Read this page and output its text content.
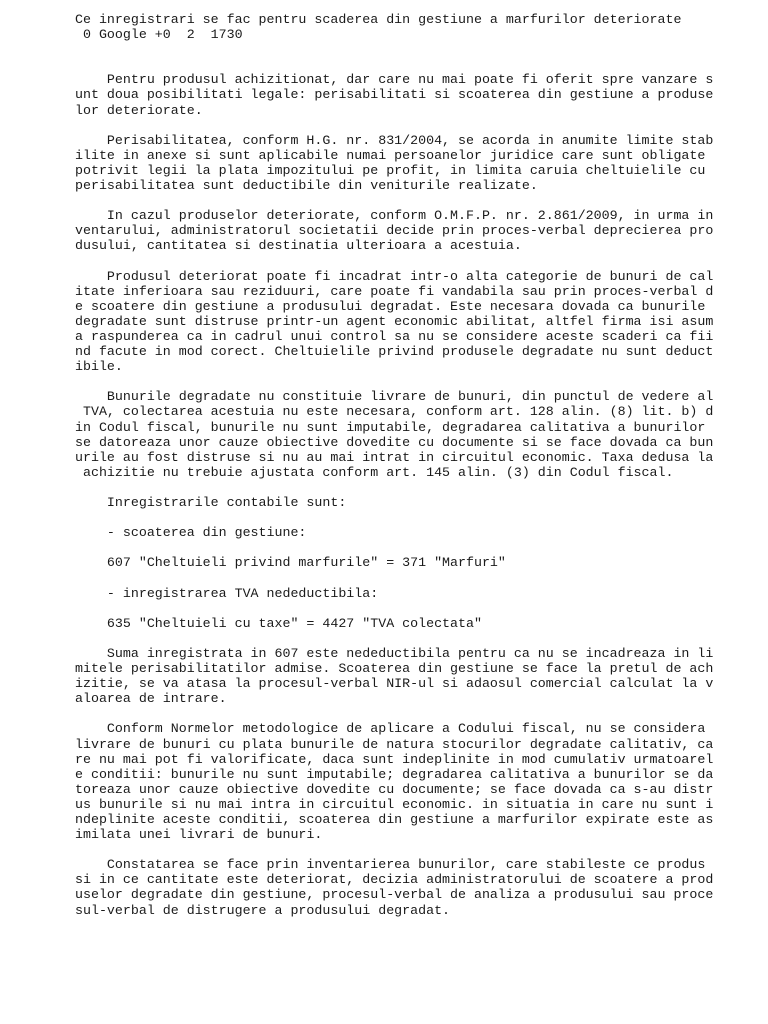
Ce inregistrari se fac pentru scaderea din gestiune a marfurilor deteriorate
0 Google +0  2  1730
Pentru produsul achizitionat, dar care nu mai poate fi oferit spre vanzare s
unt doua posibilitati legale: perisabilitati si scoaterea din gestiune a produse
lor deteriorate.
Perisabilitatea, conform H.G. nr. 831/2004, se acorda in anumite limite stab
ilite in anexe si sunt aplicabile numai persoanelor juridice care sunt obligate
potrivit legii la plata impozitului pe profit, in limita caruia cheltuielile cu
perisabilitatea sunt deductibile din veniturile realizate.
In cazul produselor deteriorate, conform O.M.F.P. nr. 2.861/2009, in urma in
ventarului, administratorul societatii decide prin proces-verbal deprecierea pro
dusului, cantitatea si destinatia ulterioara a acestuia.
Produsul deteriorat poate fi incadrat intr-o alta categorie de bunuri de cal
itate inferioara sau reziduuri, care poate fi vandabila sau prin proces-verbal d
e scoatere din gestiune a produsului degradat. Este necesara dovada ca bunurile
degradate sunt distruse printr-un agent economic abilitat, altfel firma isi asum
a raspunderea ca in cadrul unui control sa nu se considere aceste scaderi ca fii
nd facute in mod corect. Cheltuielile privind produsele degradate nu sunt deduct
ibile.
Bunurile degradate nu constituie livrare de bunuri, din punctul de vedere al
TVA, colectarea acestuia nu este necesara, conform art. 128 alin. (8) lit. b) d
in Codul fiscal, bunurile nu sunt imputabile, degradarea calitativa a bunurilor
se datoreaza unor cauze obiective dovedite cu documente si se face dovada ca bun
urile au fost distruse si nu au mai intrat in circuitul economic. Taxa dedusa la
achizitie nu trebuie ajustata conform art. 145 alin. (3) din Codul fiscal.
Inregistrarile contabile sunt:
- scoaterea din gestiune:
607 "Cheltuieli privind marfurile" = 371 "Marfuri"
- inregistrarea TVA nedeductibila:
635 "Cheltuieli cu taxe" = 4427 "TVA colectata"
Suma inregistrata in 607 este nedeductibila pentru ca nu se incadreaza in li
mitele perisabilitatilor admise. Scoaterea din gestiune se face la pretul de ach
izitie, se va atasa la procesul-verbal NIR-ul si adaosul comercial calculat la v
aloarea de intrare.
Conform Normelor metodologice de aplicare a Codului fiscal, nu se considera
livrare de bunuri cu plata bunurile de natura stocurilor degradate calitativ, ca
re nu mai pot fi valorificate, daca sunt indeplinite in mod cumulativ urmatoarel
e conditii: bunurile nu sunt imputabile; degradarea calitativa a bunurilor se da
toreaza unor cauze obiective dovedite cu documente; se face dovada ca s-au distr
us bunurile si nu mai intra in circuitul economic. in situatia in care nu sunt i
ndeplinite aceste conditii, scoaterea din gestiune a marfurilor expirate este as
imilata unei livrari de bunuri.
Constatarea se face prin inventarierea bunurilor, care stabileste ce produs
si in ce cantitate este deteriorat, decizia administratorului de scoatere a prod
uselor degradate din gestiune, procesul-verbal de analiza a produsului sau proce
sul-verbal de distrugere a produsului degradat.
